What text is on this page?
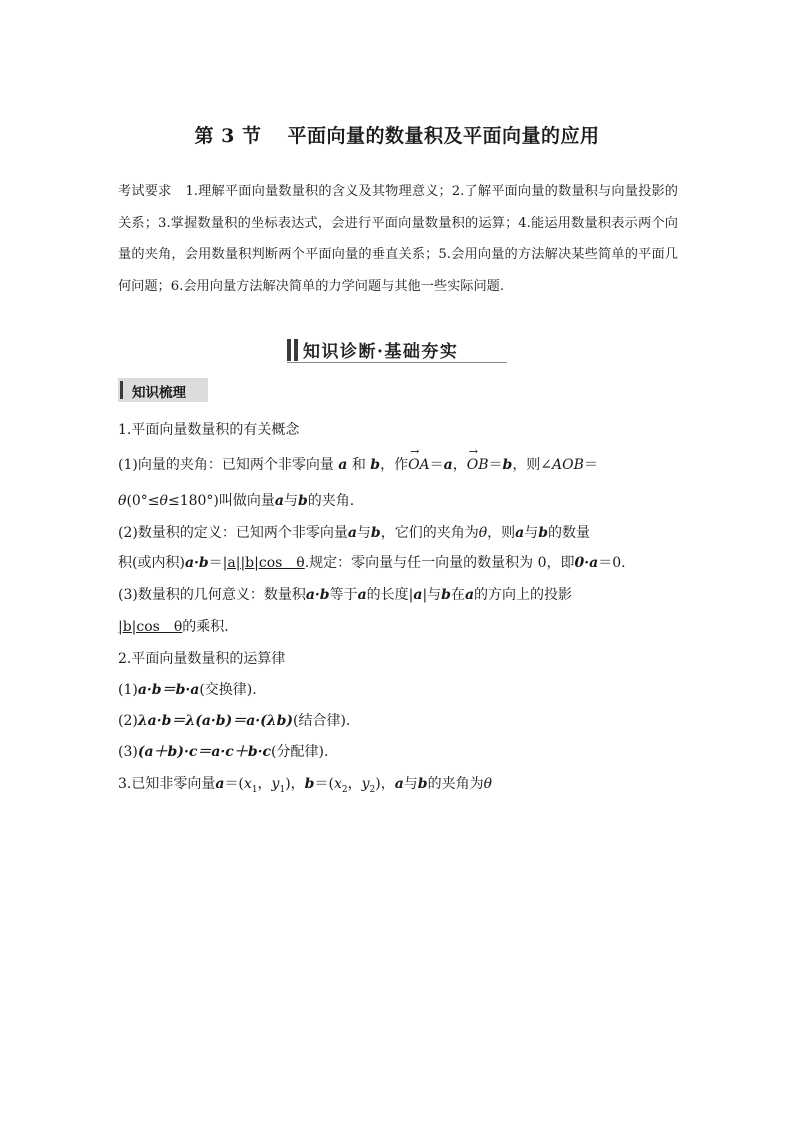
第 3 节 平面向量的数量积及平面向量的应用
考试要求 1.理解平面向量数量积的含义及其物理意义；2.了解平面向量的数量积与向量投影的关系；3.掌握数量积的坐标表达式，会进行平面向量数量积的运算；4.能运用数量积表示两个向量的夹角，会用数量积判断两个平面向量的垂直关系；5.会用向量的方法解决某些简单的平面几何问题；6.会用向量方法解决简单的力学问题与其他一些实际问题.
知识诊断·基础夯实
知识梳理
1.平面向量数量积的有关概念
(1)向量的夹角：已知两个非零向量 a 和 b，作→ OA＝a，→ OB＝b，则∠AOB＝
θ(0°≤θ≤180°)叫做向量a与b的夹角.
(2)数量积的定义：已知两个非零向量a与b，它们的夹角为θ，则a与b的数量
积(或内积)a·b＝|a||b|cos　θ.规定：零向量与任一向量的数量积为 0，即0·a＝0.
(3)数量积的几何意义：数量积a·b等于a的长度|a|与b在a的方向上的投影
|b|cos　θ的乘积.
2.平面向量数量积的运算律
(1)a·b＝b·a(交换律).
(2)λa·b＝λ(a·b)＝a·(λb)(结合律).
(3)(a＋b)·c＝a·c＋b·c(分配律).
3.已知非零向量$a=(x_1$，$y_1$)，$b=(x_2$，$y_2$)，a与b的夹角为θ
